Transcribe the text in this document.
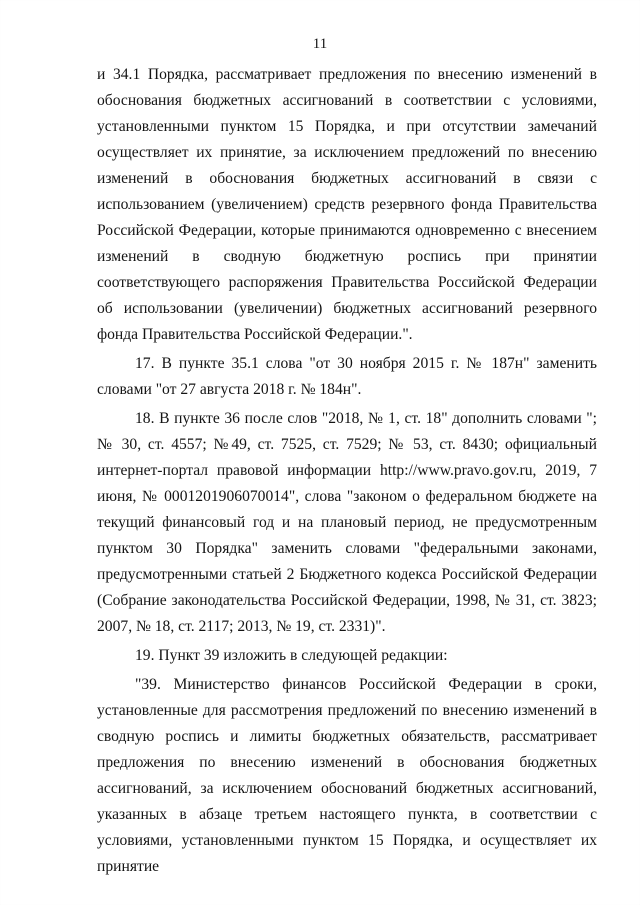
11

и 34.1 Порядка, рассматривает предложения по внесению изменений в обоснования бюджетных ассигнований в соответствии с условиями, установленными пунктом 15 Порядка, и при отсутствии замечаний осуществляет их принятие, за исключением предложений по внесению изменений в обоснования бюджетных ассигнований в связи с использованием (увеличением) средств резервного фонда Правительства Российской Федерации, которые принимаются одновременно с внесением изменений в сводную бюджетную роспись при принятии соответствующего распоряжения Правительства Российской Федерации об использовании (увеличении) бюджетных ассигнований резервного фонда Правительства Российской Федерации.".

17. В пункте 35.1 слова "от 30 ноября 2015 г. № 187н" заменить словами "от 27 августа 2018 г. № 184н".

18. В пункте 36 после слов "2018, № 1, ст. 18" дополнить словами "; № 30, ст. 4557; №49, ст. 7525, ст. 7529; № 53, ст. 8430; официальный интернет-портал правовой информации http://www.pravo.gov.ru, 2019, 7 июня, № 0001201906070014", слова "законом о федеральном бюджете на текущий финансовый год и на плановый период, не предусмотренным пунктом 30 Порядка" заменить словами "федеральными законами, предусмотренными статьей 2 Бюджетного кодекса Российской Федерации (Собрание законодательства Российской Федерации, 1998, № 31, ст. 3823; 2007, № 18, ст. 2117; 2013, № 19, ст. 2331)".

19. Пункт 39 изложить в следующей редакции:

"39. Министерство финансов Российской Федерации в сроки, установленные для рассмотрения предложений по внесению изменений в сводную роспись и лимиты бюджетных обязательств, рассматривает предложения по внесению изменений в обоснования бюджетных ассигнований, за исключением обоснований бюджетных ассигнований, указанных в абзаце третьем настоящего пункта, в соответствии с условиями, установленными пунктом 15 Порядка, и осуществляет их принятие
